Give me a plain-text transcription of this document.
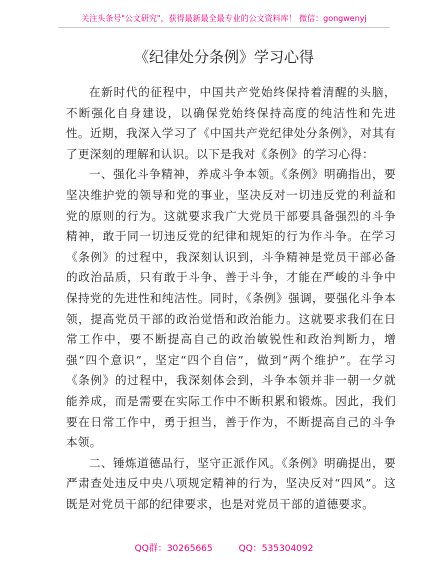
关注头条号"公文研究"，获得最新最全最专业的公文资料库！ 微信：gongwenyj
《纪律处分条例》学习心得

在新时代的征程中，中国共产党始终保持着清醒的头脑，不断强化自身建设，以确保党始终保持高度的纯洁性和先进性。近期，我深入学习了《中国共产党纪律处分条例》，对其有了更深刻的理解和认识。以下是我对《条例》的学习心得：

一、强化斗争精神，养成斗争本领。《条例》明确指出，要坚决维护党的领导和党的事业，坚决反对一切违反党的利益和党的原则的行为。这就要求我广大党员干部要具备强烈的斗争精神，敢于同一切违反党的纪律和规矩的行为作斗争。在学习《条例》的过程中，我深刻认识到，斗争精神是党员干部必备的政治品质，只有敢于斗争、善于斗争，才能在严峻的斗争中保持党的先进性和纯洁性。同时，《条例》强调，要强化斗争本领，提高党员干部的政治觉悟和政治能力。这就要求我们在日常工作中，要不断提高自己的政治敏锐性和政治判断力，增强“四个意识”，坚定“四个自信”，做到“两个维护”。在学习《条例》的过程中，我深刻体会到，斗争本领并非一朝一夕就能养成，而是需要在实际工作中不断积累和锻炼。因此，我们要在日常工作中，勇于担当，善于作为，不断提高自己的斗争本领。

二、锤炼道德品行，坚守正派作风。《条例》明确提出，要严肃查处违反中央八项规定精神的行为，坚决反对“四风”。这既是对党员干部的纪律要求，也是对党员干部的道德要求。

QQ群：30265665	QQ：535304092
